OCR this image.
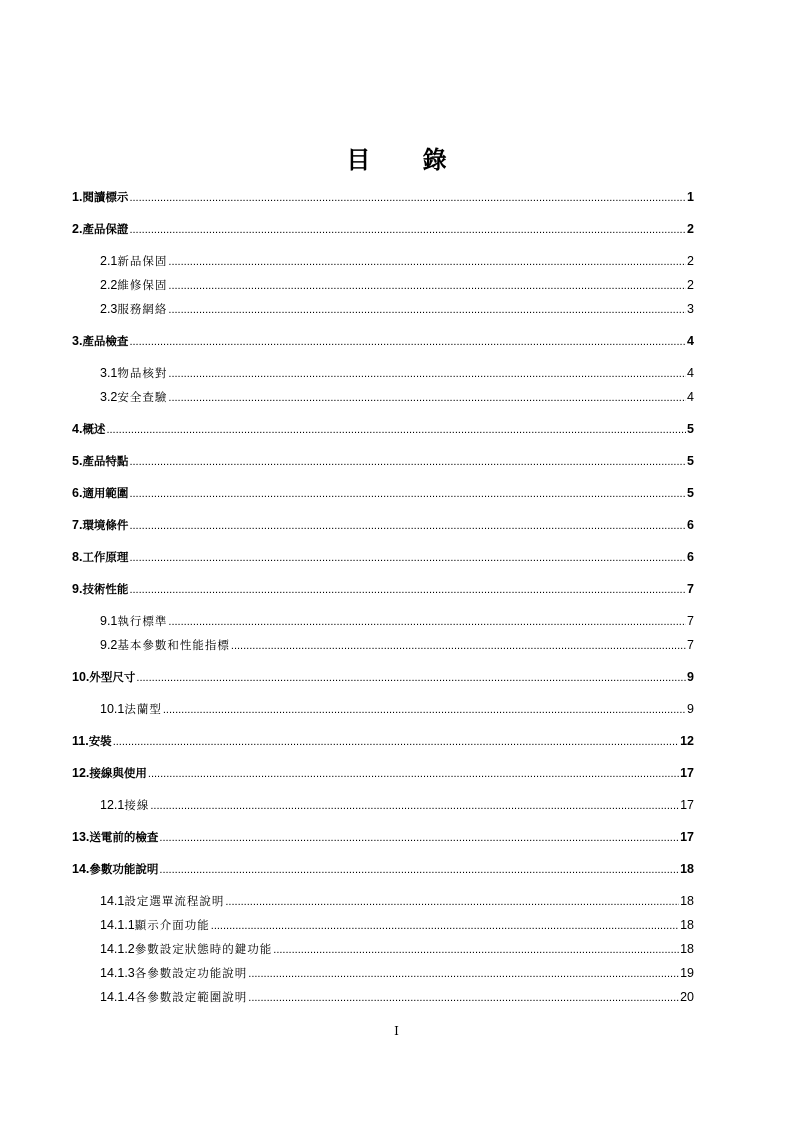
目 錄
1. 閱讀標示 .....	1
2. 產品保證 .....	2
2.1 新品保固 .....	2
2.2 維修保固 .....	2
2.3 服務網絡 .....	3
3. 產品檢查 .....	4
3.1 物品核對 .....	4
3.2 安全查驗 .....	4
4. 概述 .....	5
5. 產品特點 .....	5
6. 適用範圍 .....	5
7. 環境條件 .....	6
8. 工作原理 .....	6
9. 技術性能 .....	7
9.1 執行標準 .....	7
9.2 基本參數和性能指標 .....	7
10. 外型尺寸 .....	9
10.1 法蘭型 .....	9
11. 安裝 .....	12
12. 接線與使用 .....	17
12.1 接線 .....	17
13. 送電前的檢查 .....	17
14. 參數功能說明 .....	18
14.1 設定選單流程說明 .....	18
14.1.1 顯示介面功能 .....	18
14.1.2 參數設定狀態時的鍵功能 .....	18
14.1.3 各參數設定功能說明 .....	19
14.1.4 各參數設定範圍說明 .....	20
I
